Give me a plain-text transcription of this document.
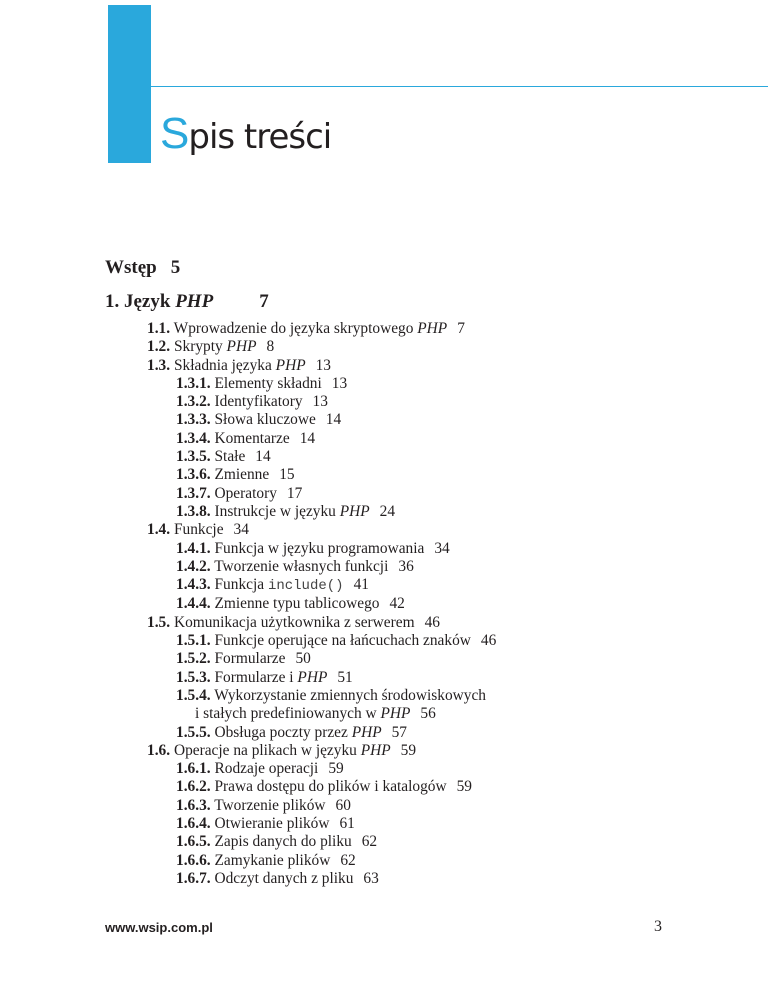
Spis treści
Wstęp 5
1. Język PHP 7
1.1. Wprowadzenie do języka skryptowego PHP 7
1.2. Skrypty PHP 8
1.3. Składnia języka PHP 13
1.3.1. Elementy składni 13
1.3.2. Identyfikatory 13
1.3.3. Słowa kluczowe 14
1.3.4. Komentarze 14
1.3.5. Stałe 14
1.3.6. Zmienne 15
1.3.7. Operatory 17
1.3.8. Instrukcje w języku PHP 24
1.4. Funkcje 34
1.4.1. Funkcja w języku programowania 34
1.4.2. Tworzenie własnych funkcji 36
1.4.3. Funkcja include() 41
1.4.4. Zmienne typu tablicowego 42
1.5. Komunikacja użytkownika z serwerem 46
1.5.1. Funkcje operujące na łańcuchach znaków 46
1.5.2. Formularze 50
1.5.3. Formularze i PHP 51
1.5.4. Wykorzystanie zmiennych środowiskowych
i stałych predefiniowanych w PHP 56
1.5.5. Obsługa poczty przez PHP 57
1.6. Operacje na plikach w języku PHP 59
1.6.1. Rodzaje operacji 59
1.6.2. Prawa dostępu do plików i katalogów 59
1.6.3. Tworzenie plików 60
1.6.4. Otwieranie plików 61
1.6.5. Zapis danych do pliku 62
1.6.6. Zamykanie plików 62
1.6.7. Odczyt danych z pliku 63
www.wsip.com.pl	3
